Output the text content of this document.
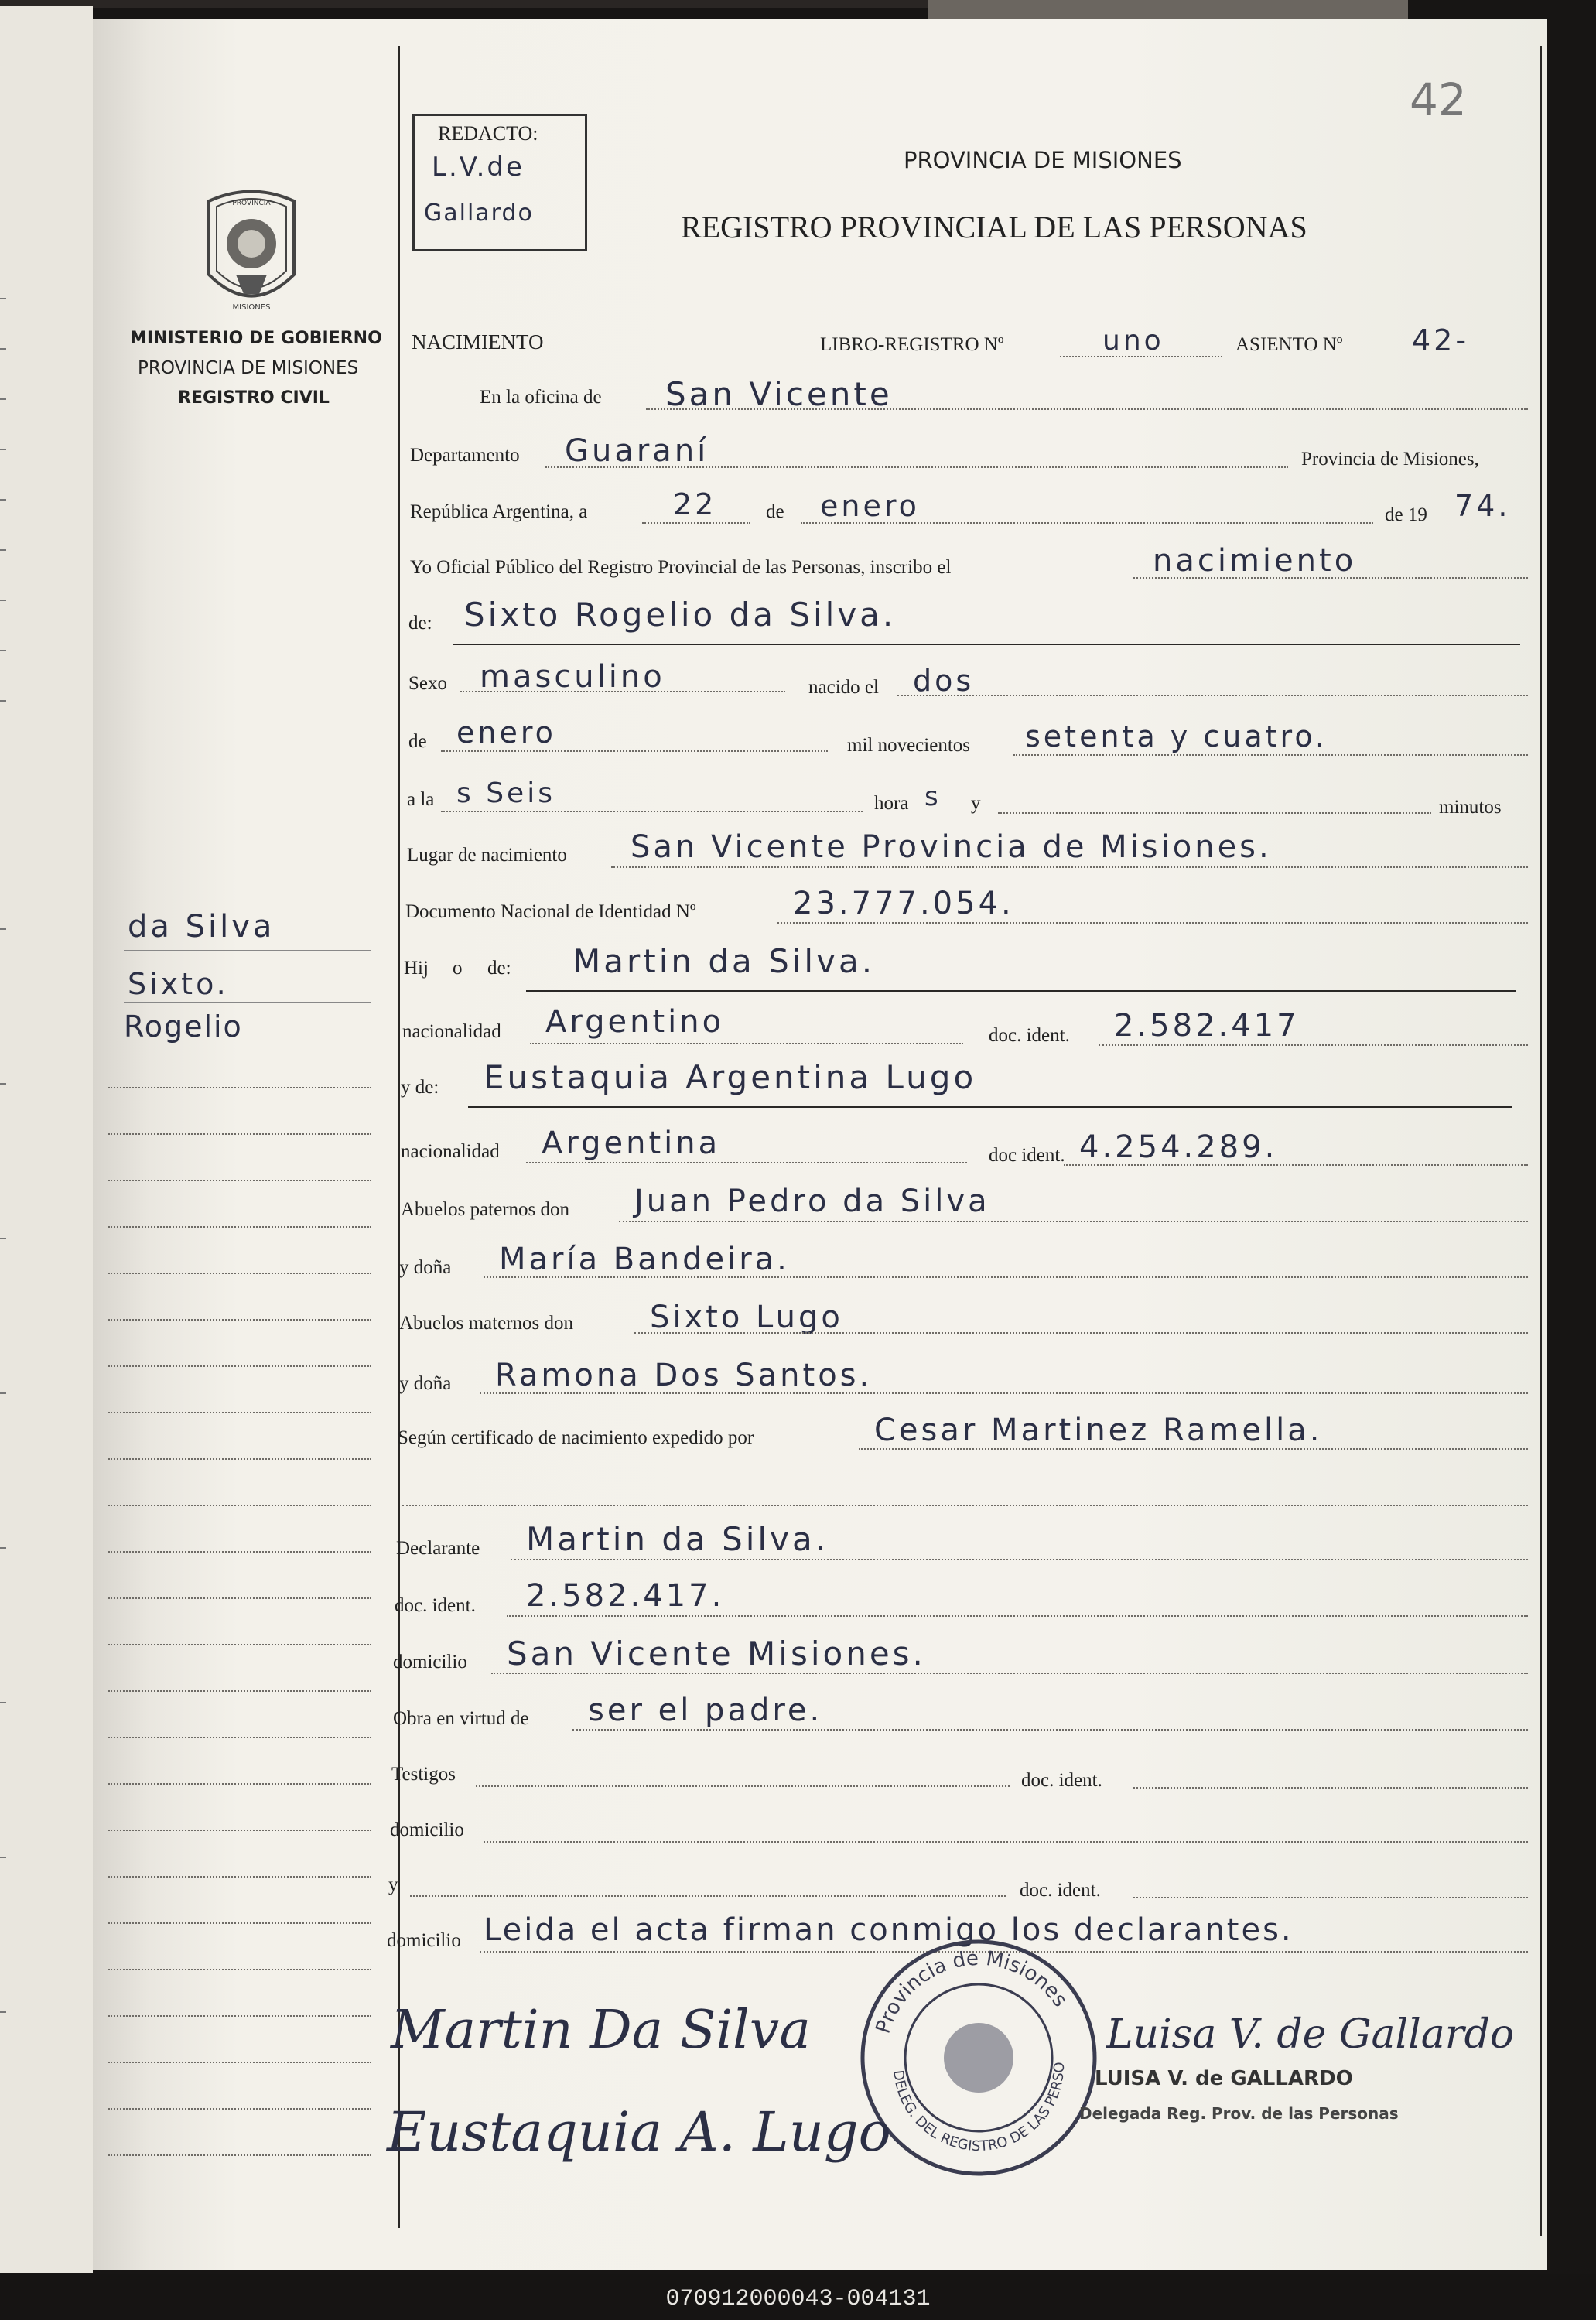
42
REDACTO:
L.V.de
Gallardo
PROVINCIA
MISIONES
MINISTERIO DE GOBIERNO
PROVINCIA DE MISIONES
REGISTRO CIVIL
PROVINCIA DE MISIONES
REGISTRO PROVINCIAL DE LAS PERSONAS
da Silva
Sixto.
Rogelio
NACIMIENTO	LIBRO-REGISTRO Nº	uno	ASIENTO Nº 42-
En la oficina de San Vicente
Departamento Guaraní	Provincia de Misiones,
República Argentina, a	22	de enero	de 19 74.
Yo Oficial Público del Registro Provincial de las Personas, inscribo el	nacimiento
de: Sixto Rogelio da Silva.
Sexo masculino	nacido el dos
de enero	mil novecientos setenta y cuatro.
a la s Seis	hora s y	minutos
Lugar de nacimiento San Vicente Provincia de Misiones.
Documento Nacional de Identidad Nº	23.777.054.
Hij o de: Martin da Silva.
nacionalidad Argentino	doc. ident. 2.582.417
y de: Eustaquia Argentina Lugo
nacionalidad Argentina	doc ident. 4.254.289.
Abuelos paternos don Juan Pedro da Silva
y doña María Bandeira.
Abuelos maternos don Sixto Lugo
y doña Ramona Dos Santos.
Según certificado de nacimiento expedido por	Cesar Martinez Ramella.
Declarante Martin da Silva.
doc. ident. 2.582.417.
domicilio San Vicente Misiones.
Obra en virtud de ser el padre.
Testigos	doc. ident.
domicilio
y	doc. ident.
domicilio Leida el acta firman conmigo los declarantes.
Provincia de Misiones
DELEG. DEL REGISTRO DE LAS PERSO
Martin Da Silva
Eustaquia A. Lugo
Luisa V. de Gallardo
LUISA V. de GALLARDO
Delegada Reg. Prov. de las Personas
070912000043-004131
